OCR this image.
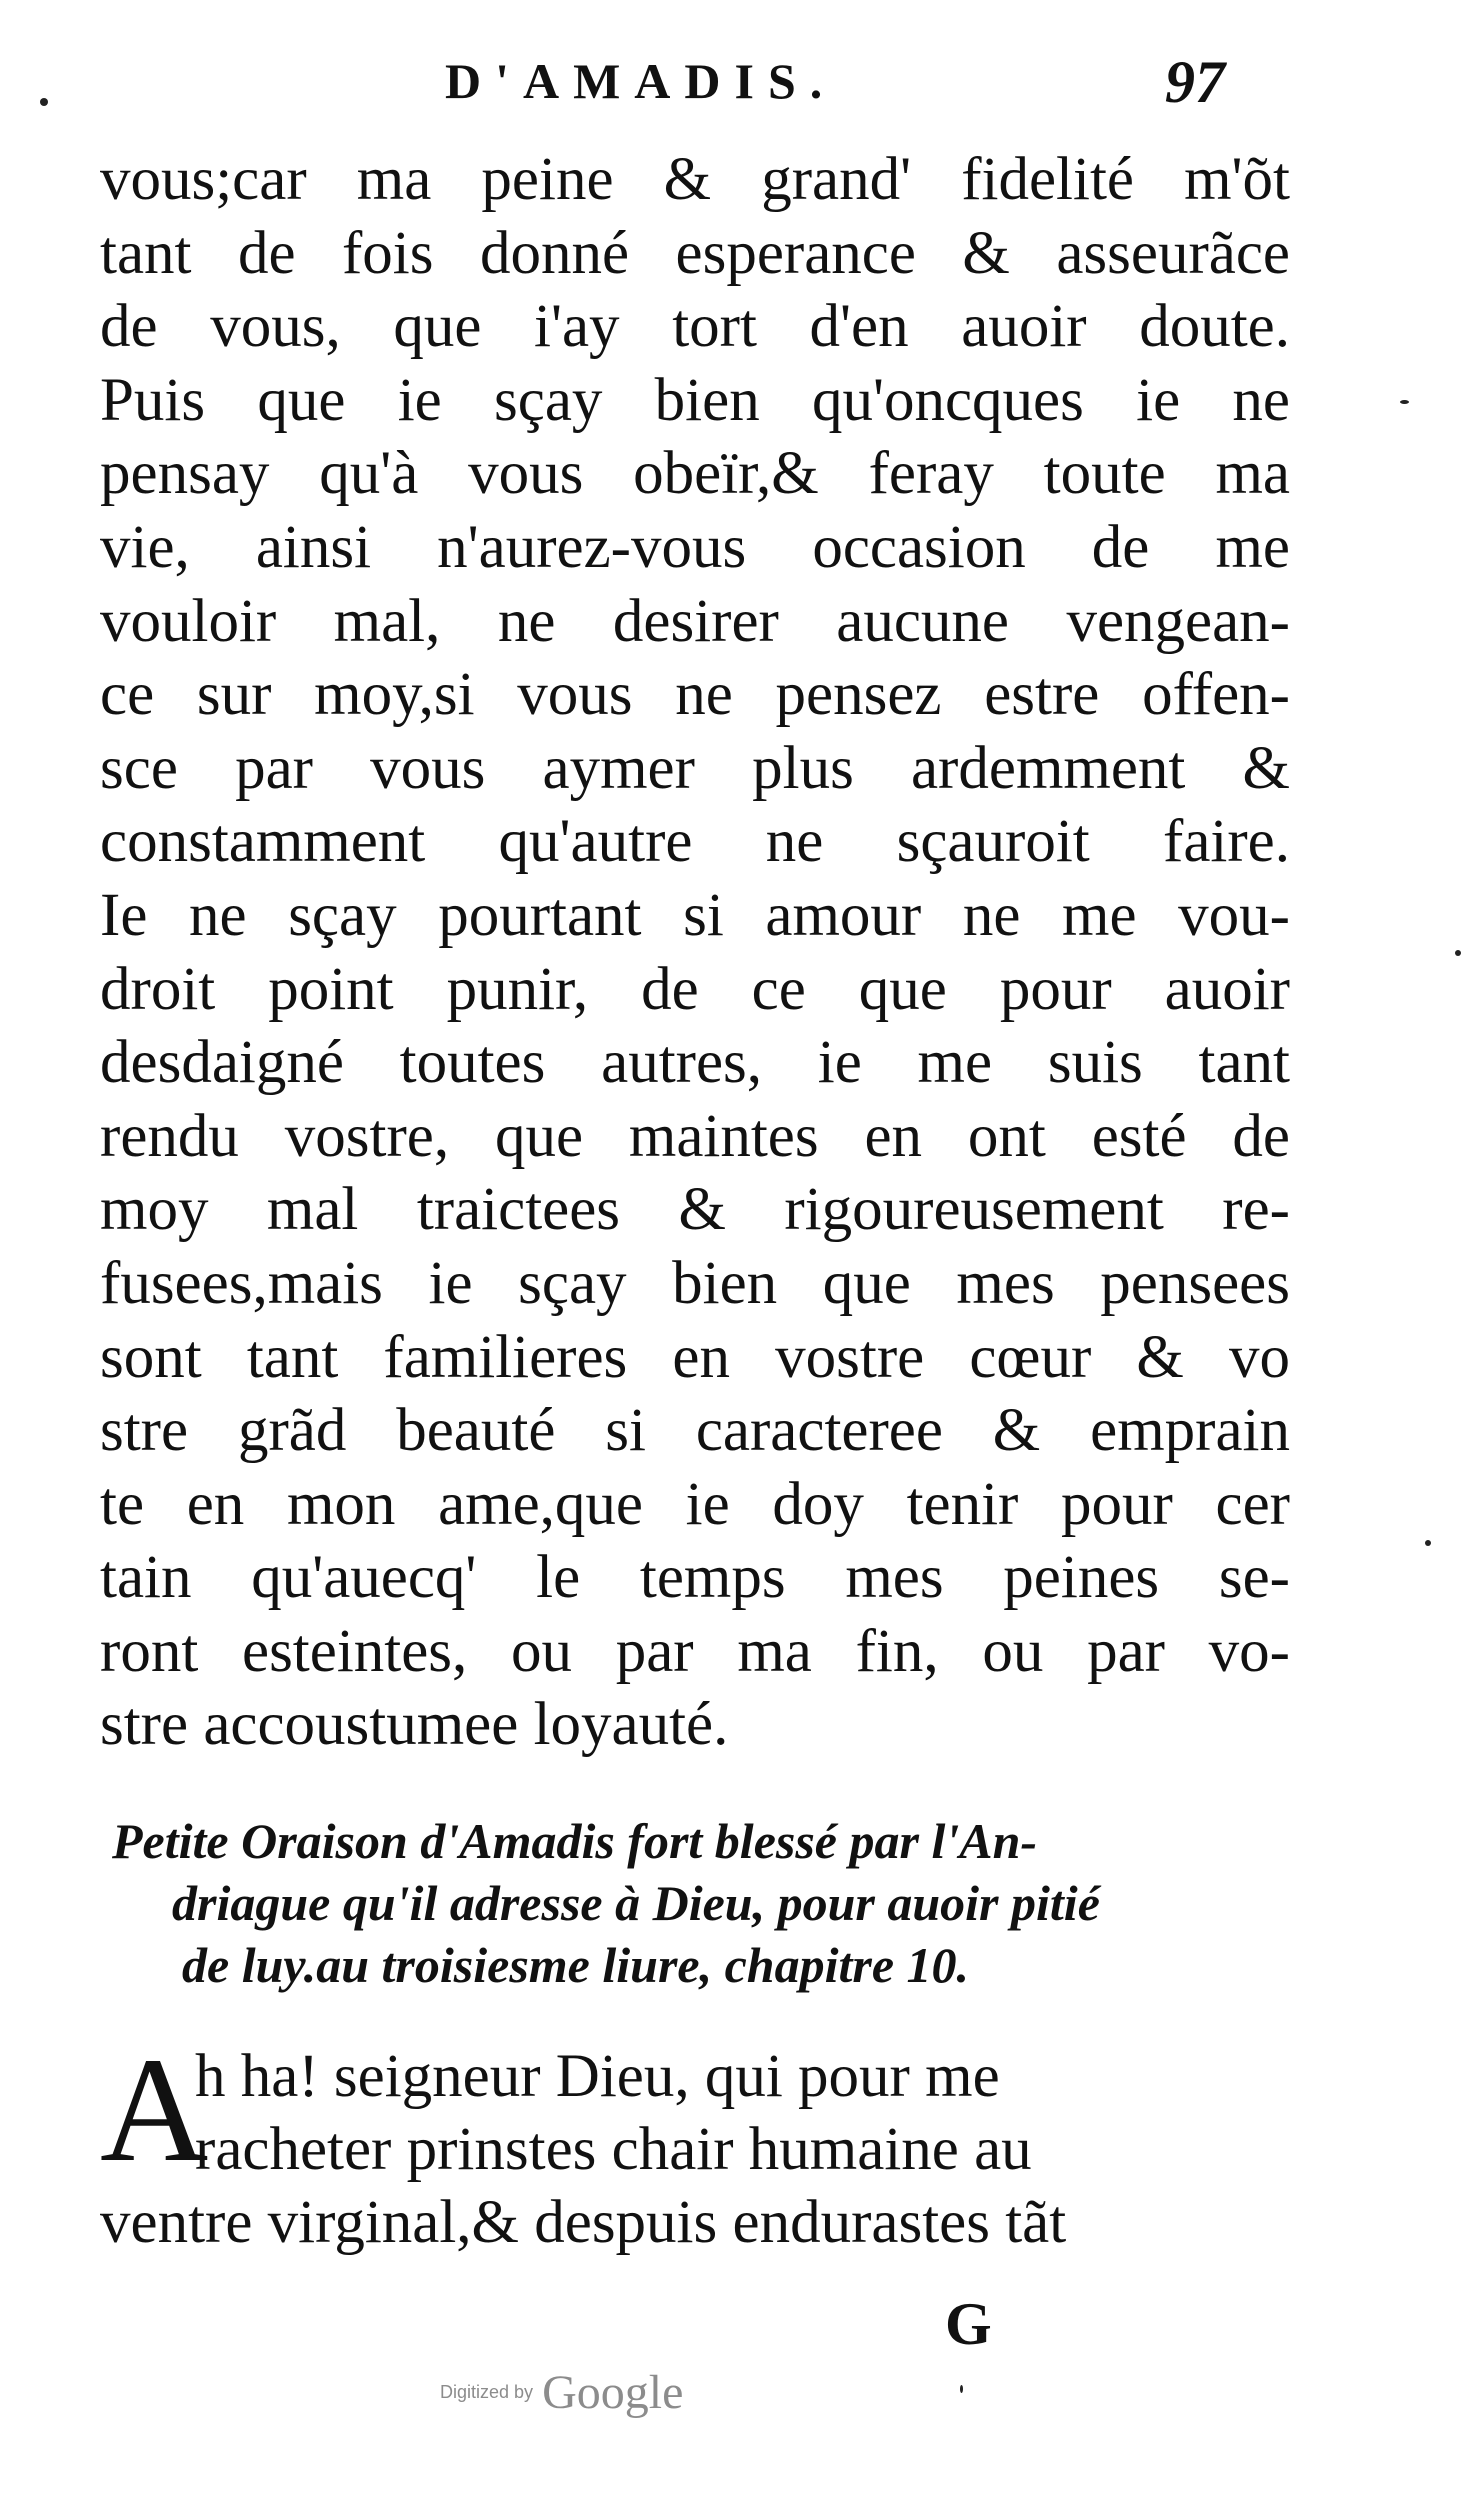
D'AMADIS.	97
vous;car ma peine & grand' fidelité m'õt
tant de fois donné esperance & asseurãce
de vous, que i'ay tort d'en auoir doute.
Puis que ie sçay bien qu'oncques ie ne
pensay qu'à vous obeïr,& feray toute ma
vie, ainsi n'aurez-vous occasion de me
vouloir mal, ne desirer aucune vengean-
ce sur moy,si vous ne pensez estre offen-
sce par vous aymer plus ardemment &
constamment qu'autre ne sçauroit faire.
Ie ne sçay pourtant si amour ne me vou-
droit point punir, de ce que pour auoir
desdaigné toutes autres, ie me suis tant
rendu vostre, que maintes en ont esté de
moy mal traictees & rigoureusement re-
fusees,mais ie sçay bien que mes pensees
sont tant familieres en vostre cœur & vo
stre grãd beauté si caracteree & emprain
te en mon ame,que ie doy tenir pour cer
tain qu'auecq' le temps mes peines se-
ront esteintes, ou par ma fin, ou par vo-
stre accoustumee loyauté.
Petite Oraison d'Amadis fort blessé par l'An-
driague qu'il adresse à Dieu, pour auoir pitié
de luy.au troisiesme liure, chapitre 10.
A
h ha! seigneur Dieu, qui pour me
racheter prinstes chair humaine au
ventre virginal,& despuis endurastes tãt
G
Digitized by Google
